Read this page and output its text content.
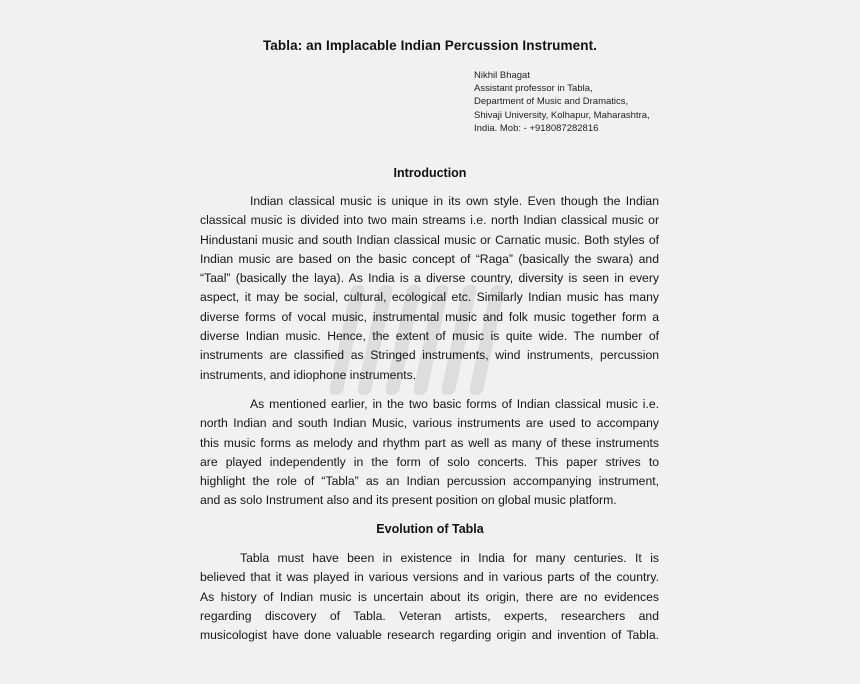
Tabla: an Implacable Indian Percussion Instrument.
Nikhil Bhagat
Assistant professor in Tabla,
Department of Music and Dramatics,
Shivaji University, Kolhapur, Maharashtra,
India. Mob: - +918087282816
Introduction
Indian classical music is unique in its own style. Even though the Indian
classical music is divided into two main streams i.e. north Indian classical music or
Hindustani music and south Indian classical music or Carnatic music. Both styles of
Indian music are based on the basic concept of “Raga” (basically the swara) and
“Taal” (basically the laya). As India is a diverse country, diversity is seen in every
aspect, it may be social, cultural, ecological etc. Similarly Indian music has many
diverse forms of vocal music, instrumental music and folk music together form a
diverse Indian music. Hence, the extent of music is quite wide. The number of
instruments are classified as Stringed instruments, wind instruments, percussion
instruments, and idiophone instruments.
As mentioned earlier, in the two basic forms of Indian classical music i.e.
north Indian and south Indian Music, various instruments are used to accompany
this music forms as melody and rhythm part as well as many of these instruments
are played independently in the form of solo concerts. This paper strives to
highlight the role of “Tabla” as an Indian percussion accompanying instrument,
and as solo Instrument also and its present position on global music platform.
Evolution of Tabla
Tabla must have been in existence in India for many centuries. It is
believed that it was played in various versions and in various parts of the country.
As history of Indian music is uncertain about its origin, there are no evidences
regarding discovery of Tabla. Veteran artists, experts, researchers and
musicologist have done valuable research regarding origin and invention of Tabla.
